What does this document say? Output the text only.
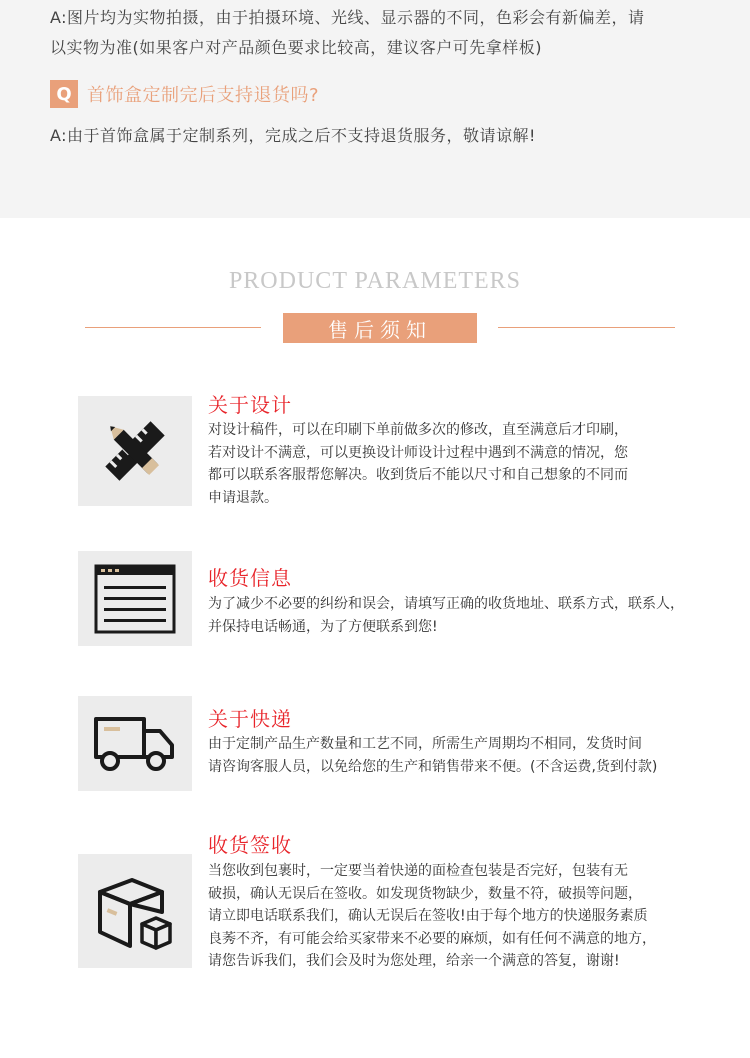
A:图片均为实物拍摄，由于拍摄环境、光线、显示器的不同，色彩会有新偏差，请
以实物为准(如果客户对产品颜色要求比较高，建议客户可先拿样板)

Q 首饰盒定制完后支持退货吗?

A:由于首饰盒属于定制系列，完成之后不支持退货服务，敬请谅解!

PRODUCT PARAMETERS
售后须知
关于设计

对设计稿件，可以在印刷下单前做多次的修改，直至满意后才印刷，
若对设计不满意，可以更换设计师设计过程中遇到不满意的情况，您
都可以联系客服帮您解决。收到货后不能以尺寸和自己想象的不同而
申请退款。

收货信息

为了减少不必要的纠纷和误会，请填写正确的收货地址、联系方式，联系人，
并保持电话畅通，为了方便联系到您!

关于快递

由于定制产品生产数量和工艺不同，所需生产周期均不相同，发货时间
请咨询客服人员，以免给您的生产和销售带来不便。(不含运费,货到付款)

收货签收

当您收到包裹时，一定要当着快递的面检查包装是否完好，包装有无
破损，确认无误后在签收。如发现货物缺少，数量不符，破损等问题，
请立即电话联系我们，确认无误后在签收!由于每个地方的快递服务素质
良莠不齐，有可能会给买家带来不必要的麻烦，如有任何不满意的地方，
请您告诉我们，我们会及时为您处理，给亲一个满意的答复，谢谢!
